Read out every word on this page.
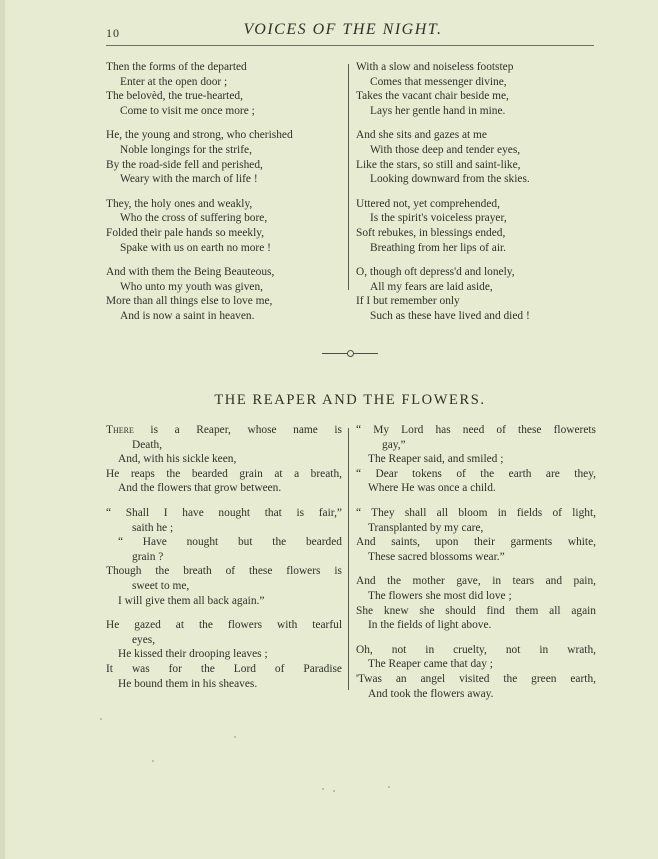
10	VOICES OF THE NIGHT.
Then the forms of the departed
Enter at the open door ;
The belovèd, the true-hearted,
Come to visit me once more ;
He, the young and strong, who cherished
Noble longings for the strife,
By the road-side fell and perished,
Weary with the march of life !
They, the holy ones and weakly,
Who the cross of suffering bore,
Folded their pale hands so meekly,
Spake with us on earth no more !
And with them the Being Beauteous,
Who unto my youth was given,
More than all things else to love me,
And is now a saint in heaven.
With a slow and noiseless footstep
Comes that messenger divine,
Takes the vacant chair beside me,
Lays her gentle hand in mine.
And she sits and gazes at me
With those deep and tender eyes,
Like the stars, so still and saint-like,
Looking downward from the skies.
Uttered not, yet comprehended,
Is the spirit's voiceless prayer,
Soft rebukes, in blessings ended,
Breathing from her lips of air.
O, though oft depress'd and lonely,
All my fears are laid aside,
If I but remember only
Such as these have lived and died !
THE REAPER AND THE FLOWERS.
There is a Reaper, whose name is
Death,
And, with his sickle keen,
He reaps the bearded grain at a breath,
And the flowers that grow between.
“ Shall I have nought that is fair,”
saith he ;
“ Have nought but the bearded
grain ?
Though the breath of these flowers is
sweet to me,
I will give them all back again.”
He gazed at the flowers with tearful
eyes,
He kissed their drooping leaves ;
It was for the Lord of Paradise
He bound them in his sheaves.
“ My Lord has need of these flowerets
gay,”
The Reaper said, and smiled ;
“ Dear tokens of the earth are they,
Where He was once a child.
“ They shall all bloom in fields of light,
Transplanted by my care,
And saints, upon their garments white,
These sacred blossoms wear.”
And the mother gave, in tears and pain,
The flowers she most did love ;
She knew she should find them all again
In the fields of light above.
Oh, not in cruelty, not in wrath,
The Reaper came that day ;
'Twas an angel visited the green earth,
And took the flowers away.
